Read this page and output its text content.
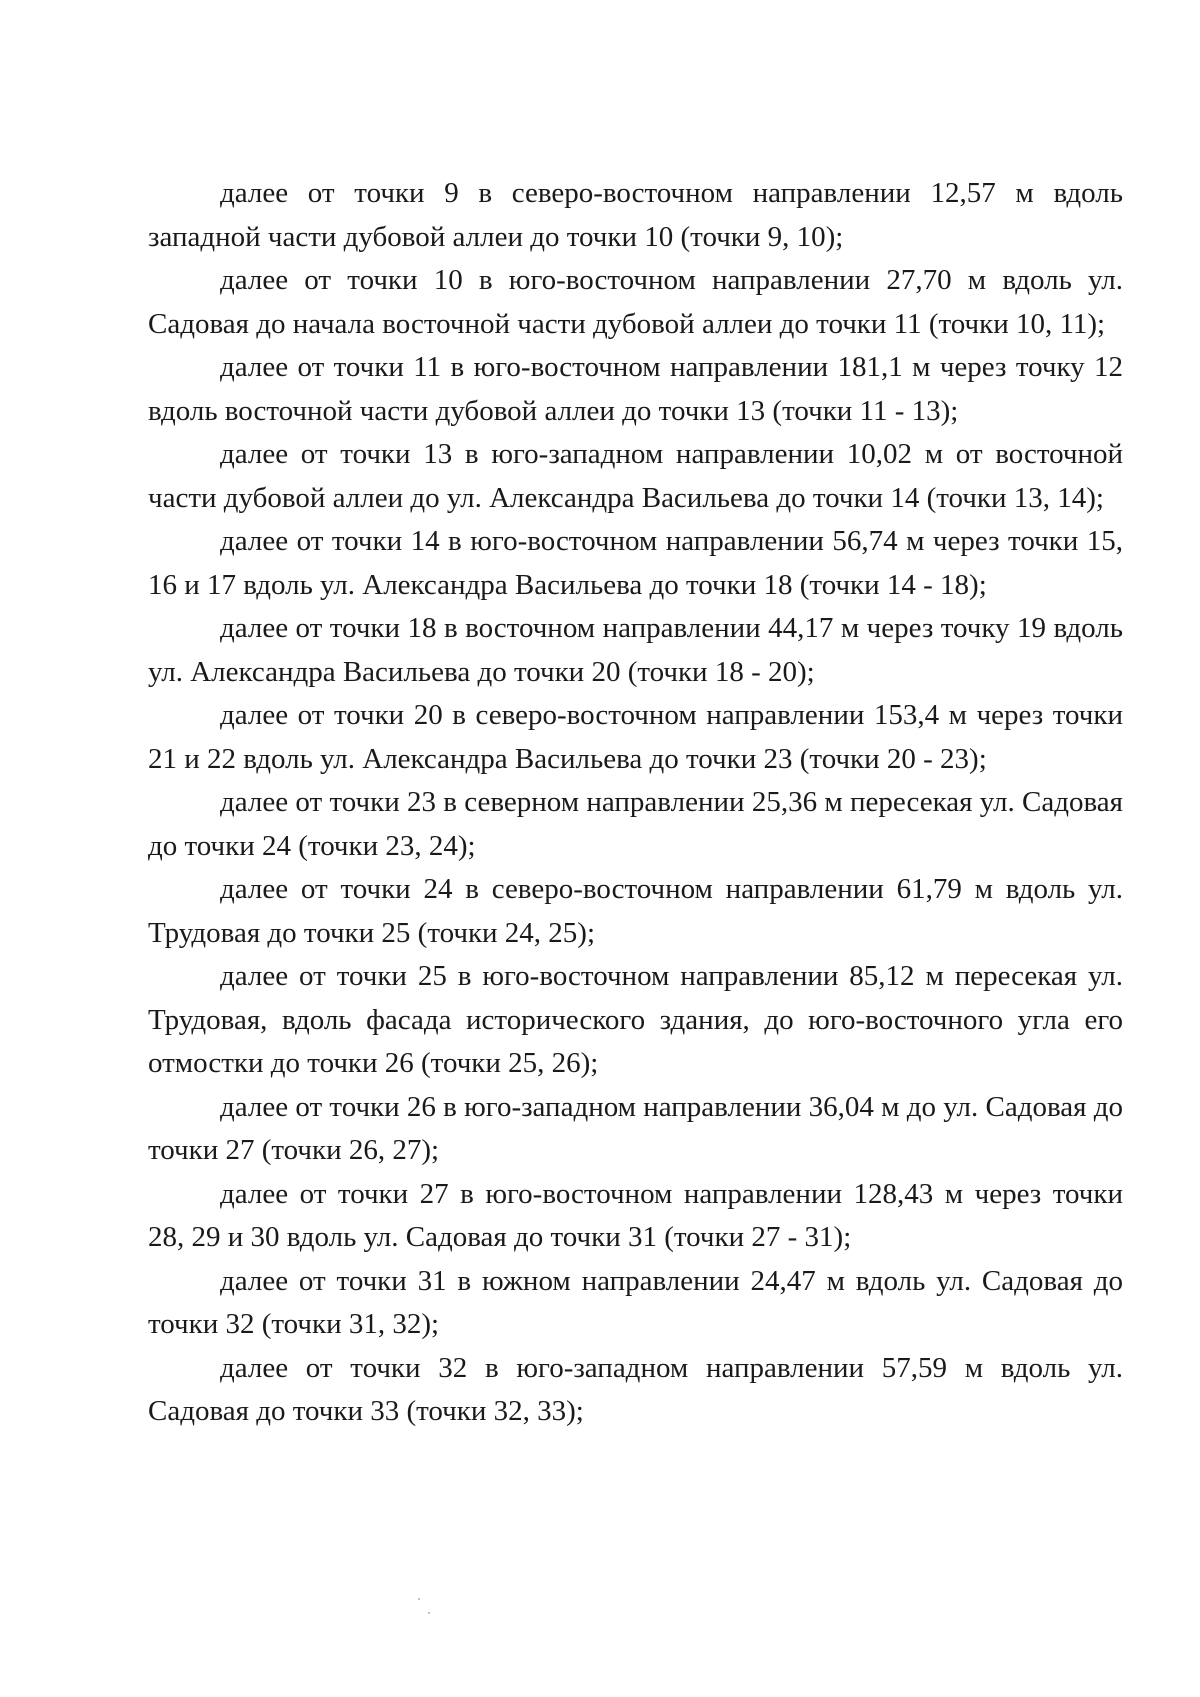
далее от точки 9 в северо-восточном направлении 12,57 м вдоль западной части дубовой аллеи до точки 10 (точки 9, 10);

далее от точки 10 в юго-восточном направлении 27,70 м вдоль ул. Садовая до начала восточной части дубовой аллеи до точки 11 (точки 10, 11);

далее от точки 11 в юго-восточном направлении 181,1 м через точку 12 вдоль восточной части дубовой аллеи до точки 13 (точки 11 - 13);

далее от точки 13 в юго-западном направлении 10,02 м от восточной части дубовой аллеи до ул. Александра Васильева до точки 14 (точки 13, 14);

далее от точки 14 в юго-восточном направлении 56,74 м через точки 15, 16 и 17 вдоль ул. Александра Васильева до точки 18 (точки 14 - 18);

далее от точки 18 в восточном направлении 44,17 м через точку 19 вдоль ул. Александра Васильева до точки 20 (точки 18 - 20);

далее от точки 20 в северо-восточном направлении 153,4 м через точки 21 и 22 вдоль ул. Александра Васильева до точки 23 (точки 20 - 23);

далее от точки 23 в северном направлении 25,36 м пересекая ул. Садовая до точки 24 (точки 23, 24);

далее от точки 24 в северо-восточном направлении 61,79 м вдоль ул. Трудовая до точки 25 (точки 24, 25);

далее от точки 25 в юго-восточном направлении 85,12 м пересекая ул. Трудовая, вдоль фасада исторического здания, до юго-восточного угла его отмостки до точки 26 (точки 25, 26);

далее от точки 26 в юго-западном направлении 36,04 м до ул. Садовая до точки 27 (точки 26, 27);

далее от точки 27 в юго-восточном направлении 128,43 м через точки 28, 29 и 30 вдоль ул. Садовая до точки 31 (точки 27 - 31);

далее от точки 31 в южном направлении 24,47 м вдоль ул. Садовая до точки 32 (точки 31, 32);

далее от точки 32 в юго-западном направлении 57,59 м вдоль ул. Садовая до точки 33 (точки 32, 33);
